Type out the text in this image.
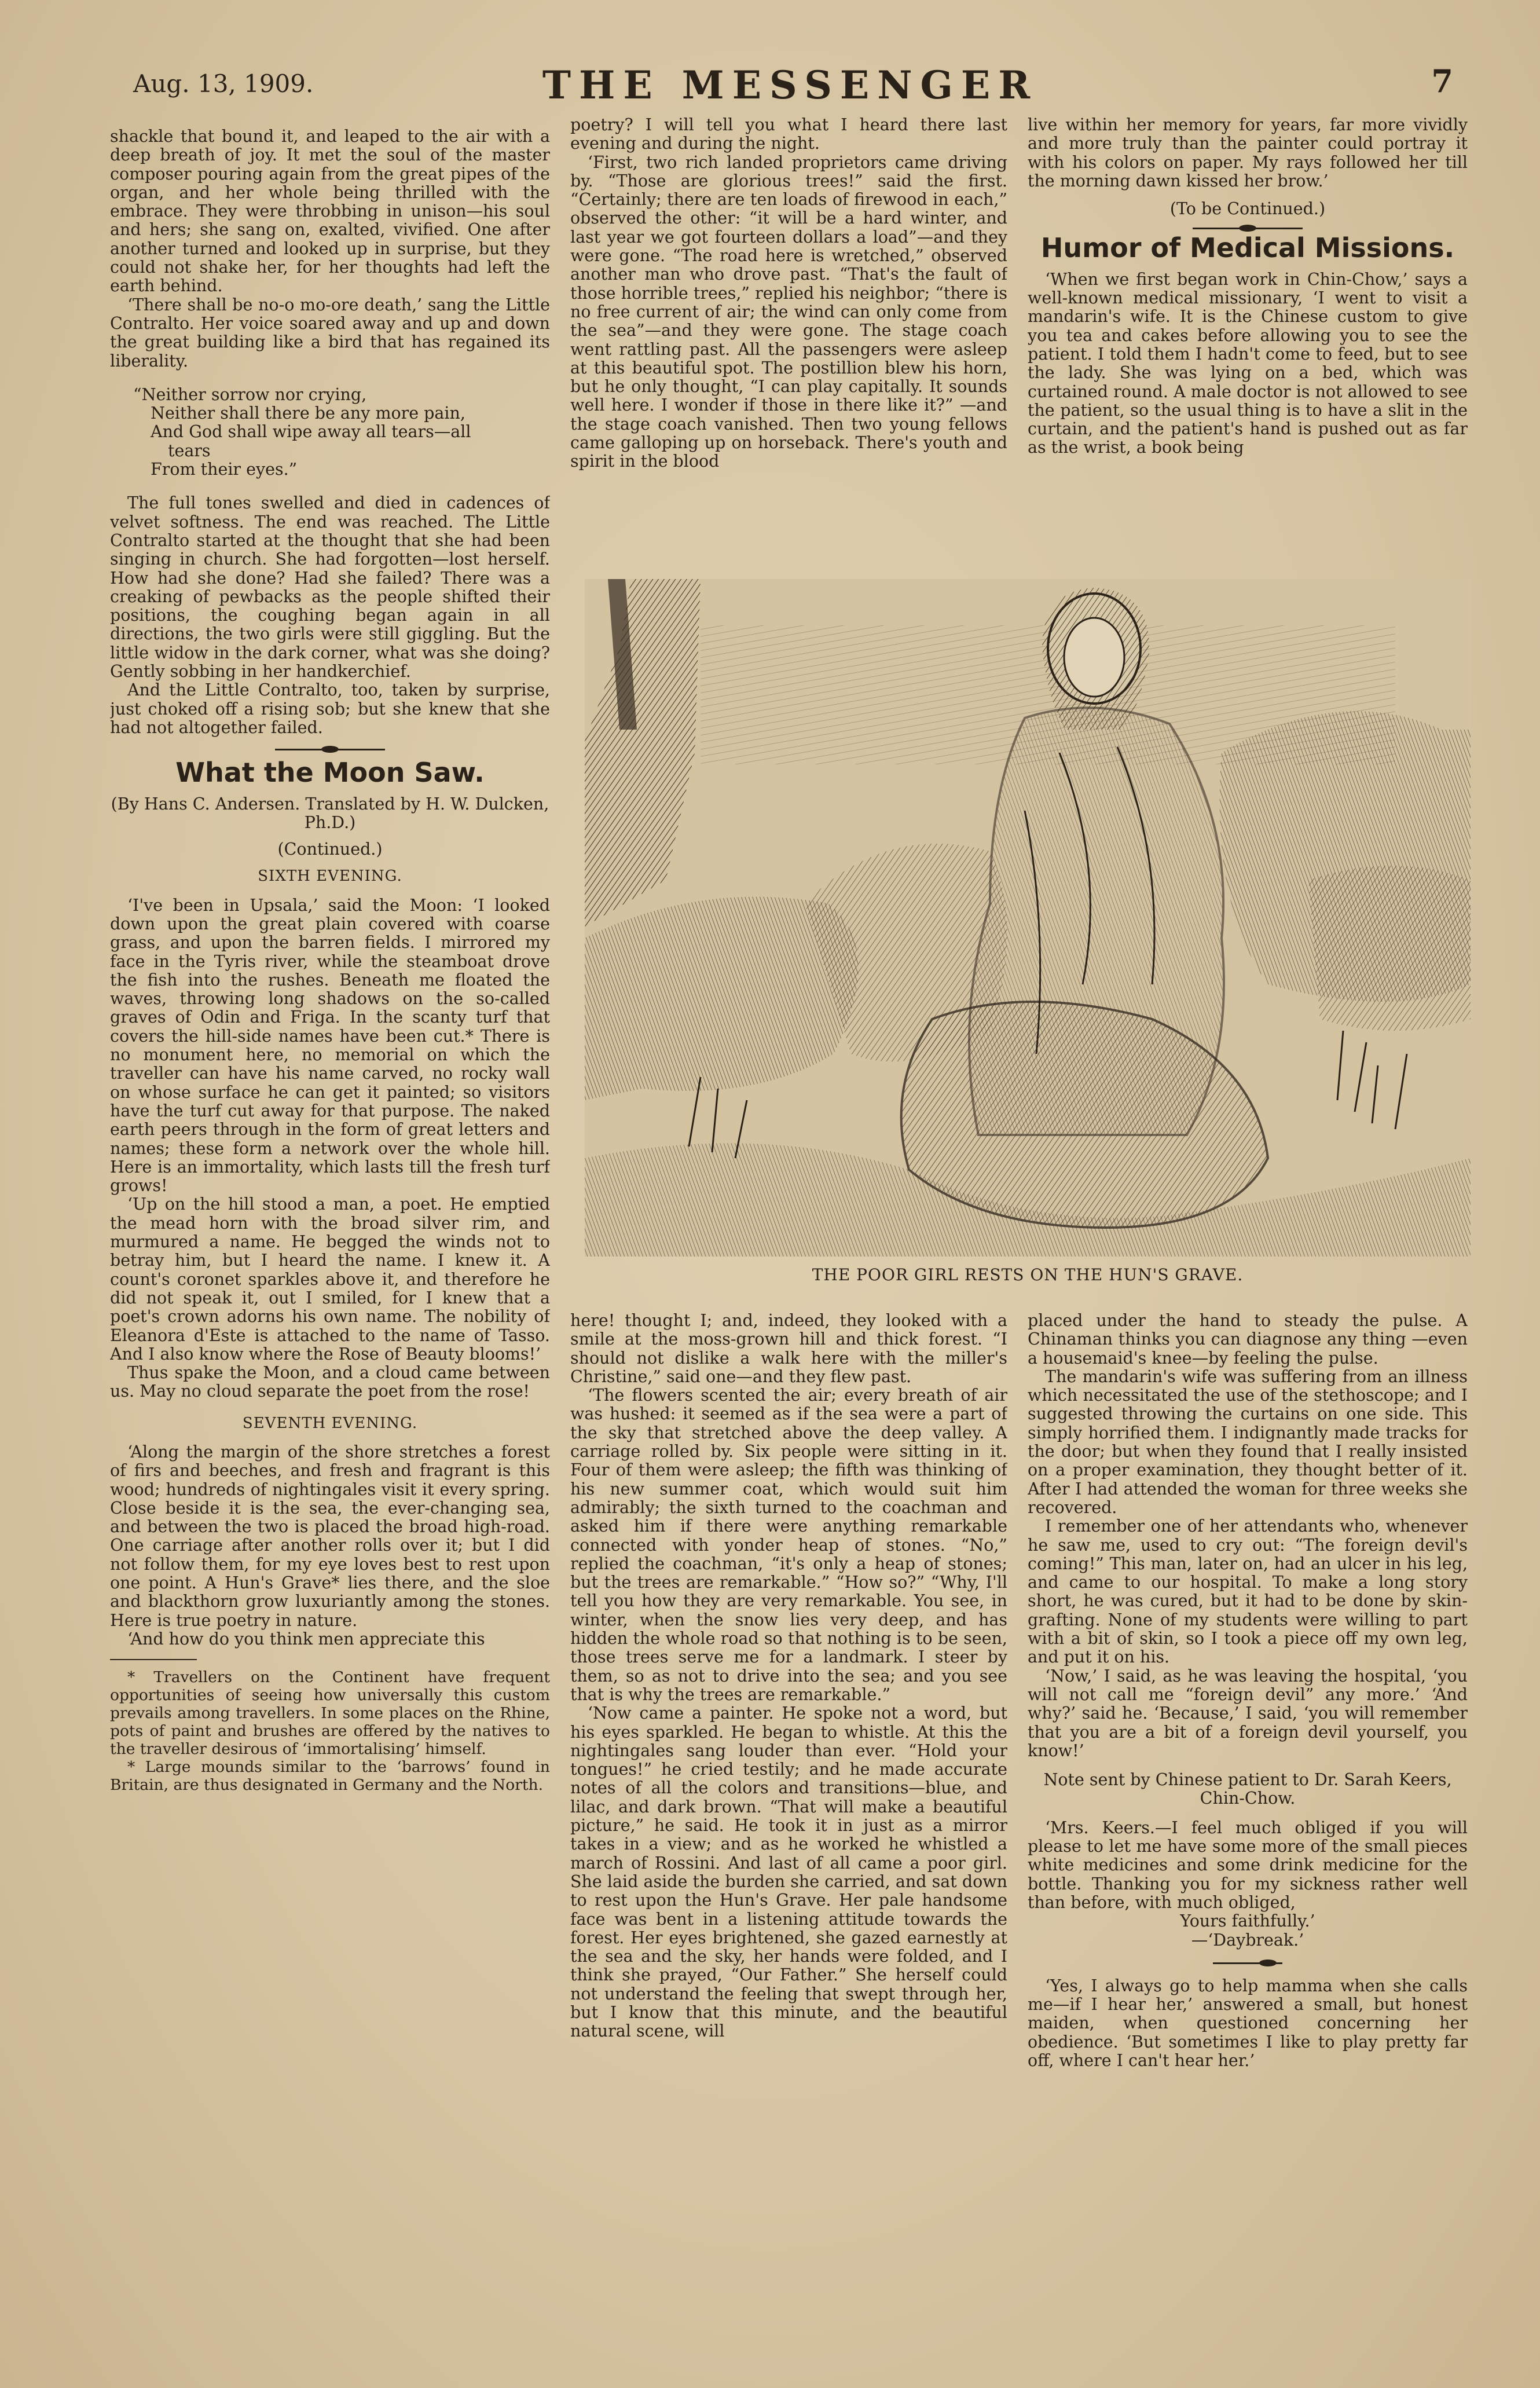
Aug. 13, 1909.	THE MESSENGER	7

shackle that bound it, and leaped to the air with a deep breath of joy. It met the soul of the master composer pouring again from the great pipes of the organ, and her whole being thrilled with the embrace. They were throbbing in unison—his soul and hers; she sang on, exalted, vivified. One after another turned and looked up in surprise, but they could not shake her, for her thoughts had left the earth behind.

‘There shall be no-o mo-ore death,’ sang the Little Contralto. Her voice soared away and up and down the great building like a bird that has regained its liberality.

“Neither sorrow nor crying,
Neither shall there be any more pain,
And God shall wipe away all tears—all
tears
From their eyes.”

The full tones swelled and died in cadences of velvet softness. The end was reached. The Little Contralto started at the thought that she had been singing in church. She had forgotten—lost herself. How had she done? Had she failed? There was a creaking of pewbacks as the people shifted their positions, the coughing began again in all directions, the two girls were still giggling. But the little widow in the dark corner, what was she doing? Gently sobbing in her handkerchief.

And the Little Contralto, too, taken by surprise, just choked off a rising sob; but she knew that she had not altogether failed.

What the Moon Saw.

(By Hans C. Andersen. Translated by H. W. Dulcken, Ph.D.)

(Continued.)

SIXTH EVENING.

‘I've been in Upsala,’ said the Moon: ‘I looked down upon the great plain covered with coarse grass, and upon the barren fields. I mirrored my face in the Tyris river, while the steamboat drove the fish into the rushes. Beneath me floated the waves, throwing long shadows on the so-called graves of Odin and Friga. In the scanty turf that covers the hill-side names have been cut.* There is no monument here, no memorial on which the traveller can have his name carved, no rocky wall on whose surface he can get it painted; so visitors have the turf cut away for that purpose. The naked earth peers through in the form of great letters and names; these form a network over the whole hill. Here is an immortality, which lasts till the fresh turf grows!

‘Up on the hill stood a man, a poet. He emptied the mead horn with the broad silver rim, and murmured a name. He begged the winds not to betray him, but I heard the name. I knew it. A count's coronet sparkles above it, and therefore he did not speak it, out I smiled, for I knew that a poet's crown adorns his own name. The nobility of Eleanora d'Este is attached to the name of Tasso. And I also know where the Rose of Beauty blooms!’

Thus spake the Moon, and a cloud came between us. May no cloud separate the poet from the rose!

SEVENTH EVENING.

‘Along the margin of the shore stretches a forest of firs and beeches, and fresh and fragrant is this wood; hundreds of nightingales visit it every spring. Close beside it is the sea, the ever-changing sea, and between the two is placed the broad high-road. One carriage after another rolls over it; but I did not follow them, for my eye loves best to rest upon one point. A Hun's Grave* lies there, and the sloe and blackthorn grow luxuriantly among the stones. Here is true poetry in nature.

‘And how do you think men appreciate this

* Travellers on the Continent have frequent opportunities of seeing how universally this custom prevails among travellers. In some places on the Rhine, pots of paint and brushes are offered by the natives to the traveller desirous of ‘immortalising’ himself.

* Large mounds similar to the ‘barrows’ found in Britain, are thus designated in Germany and the North.

poetry? I will tell you what I heard there last evening and during the night.

‘First, two rich landed proprietors came driving by. “Those are glorious trees!” said the first. “Certainly; there are ten loads of firewood in each,” observed the other: “it will be a hard winter, and last year we got fourteen dollars a load”—and they were gone. “The road here is wretched,” observed another man who drove past. “That's the fault of those horrible trees,” replied his neighbor; “there is no free current of air; the wind can only come from the sea”—and they were gone. The stage coach went rattling past. All the passengers were asleep at this beautiful spot. The postillion blew his horn, but he only thought, “I can play capitally. It sounds well here. I wonder if those in there like it?” —and the stage coach vanished. Then two young fellows came galloping up on horseback. There's youth and spirit in the blood

live within her memory for years, far more vividly and more truly than the painter could portray it with his colors on paper. My rays followed her till the morning dawn kissed her brow.’

(To be Continued.)

Humor of Medical Missions.

‘When we first began work in Chin-Chow,’ says a well-known medical missionary, ‘I went to visit a mandarin's wife. It is the Chinese custom to give you tea and cakes before allowing you to see the patient. I told them I hadn't come to feed, but to see the lady. She was lying on a bed, which was curtained round. A male doctor is not allowed to see the patient, so the usual thing is to have a slit in the curtain, and the patient's hand is pushed out as far as the wrist, a book being

THE POOR GIRL RESTS ON THE HUN'S GRAVE.

here! thought I; and, indeed, they looked with a smile at the moss-grown hill and thick forest. “I should not dislike a walk here with the miller's Christine,” said one—and they flew past.

‘The flowers scented the air; every breath of air was hushed: it seemed as if the sea were a part of the sky that stretched above the deep valley. A carriage rolled by. Six people were sitting in it. Four of them were asleep; the fifth was thinking of his new summer coat, which would suit him admirably; the sixth turned to the coachman and asked him if there were anything remarkable connected with yonder heap of stones. “No,” replied the coachman, “it's only a heap of stones; but the trees are remarkable.” “How so?” “Why, I'll tell you how they are very remarkable. You see, in winter, when the snow lies very deep, and has hidden the whole road so that nothing is to be seen, those trees serve me for a landmark. I steer by them, so as not to drive into the sea; and you see that is why the trees are remarkable.”

‘Now came a painter. He spoke not a word, but his eyes sparkled. He began to whistle. At this the nightingales sang louder than ever. “Hold your tongues!” he cried testily; and he made accurate notes of all the colors and transitions—blue, and lilac, and dark brown. “That will make a beautiful picture,” he said. He took it in just as a mirror takes in a view; and as he worked he whistled a march of Rossini. And last of all came a poor girl. She laid aside the burden she carried, and sat down to rest upon the Hun's Grave. Her pale handsome face was bent in a listening attitude towards the forest. Her eyes brightened, she gazed earnestly at the sea and the sky, her hands were folded, and I think she prayed, “Our Father.” She herself could not understand the feeling that swept through her, but I know that this minute, and the beautiful natural scene, will

placed under the hand to steady the pulse. A Chinaman thinks you can diagnose any thing —even a housemaid's knee—by feeling the pulse.

The mandarin's wife was suffering from an illness which necessitated the use of the stethoscope; and I suggested throwing the curtains on one side. This simply horrified them. I indignantly made tracks for the door; but when they found that I really insisted on a proper examination, they thought better of it. After I had attended the woman for three weeks she recovered.

I remember one of her attendants who, whenever he saw me, used to cry out: “The foreign devil's coming!” This man, later on, had an ulcer in his leg, and came to our hospital. To make a long story short, he was cured, but it had to be done by skin-grafting. None of my students were willing to part with a bit of skin, so I took a piece off my own leg, and put it on his.

‘Now,’ I said, as he was leaving the hospital, ‘you will not call me “foreign devil” any more.’ ‘And why?’ said he. ‘Because,’ I said, ‘you will remember that you are a bit of a foreign devil yourself, you know!’

Note sent by Chinese patient to Dr. Sarah Keers, Chin-Chow.

‘Mrs. Keers.—I feel much obliged if you will please to let me have some more of the small pieces white medicines and some drink medicine for the bottle. Thanking you for my sickness rather well than before, with much obliged,

Yours faithfully.’

—‘Daybreak.’

‘Yes, I always go to help mamma when she calls me—if I hear her,’ answered a small, but honest maiden, when questioned concerning her obedience. ‘But sometimes I like to play pretty far off, where I can't hear her.’
